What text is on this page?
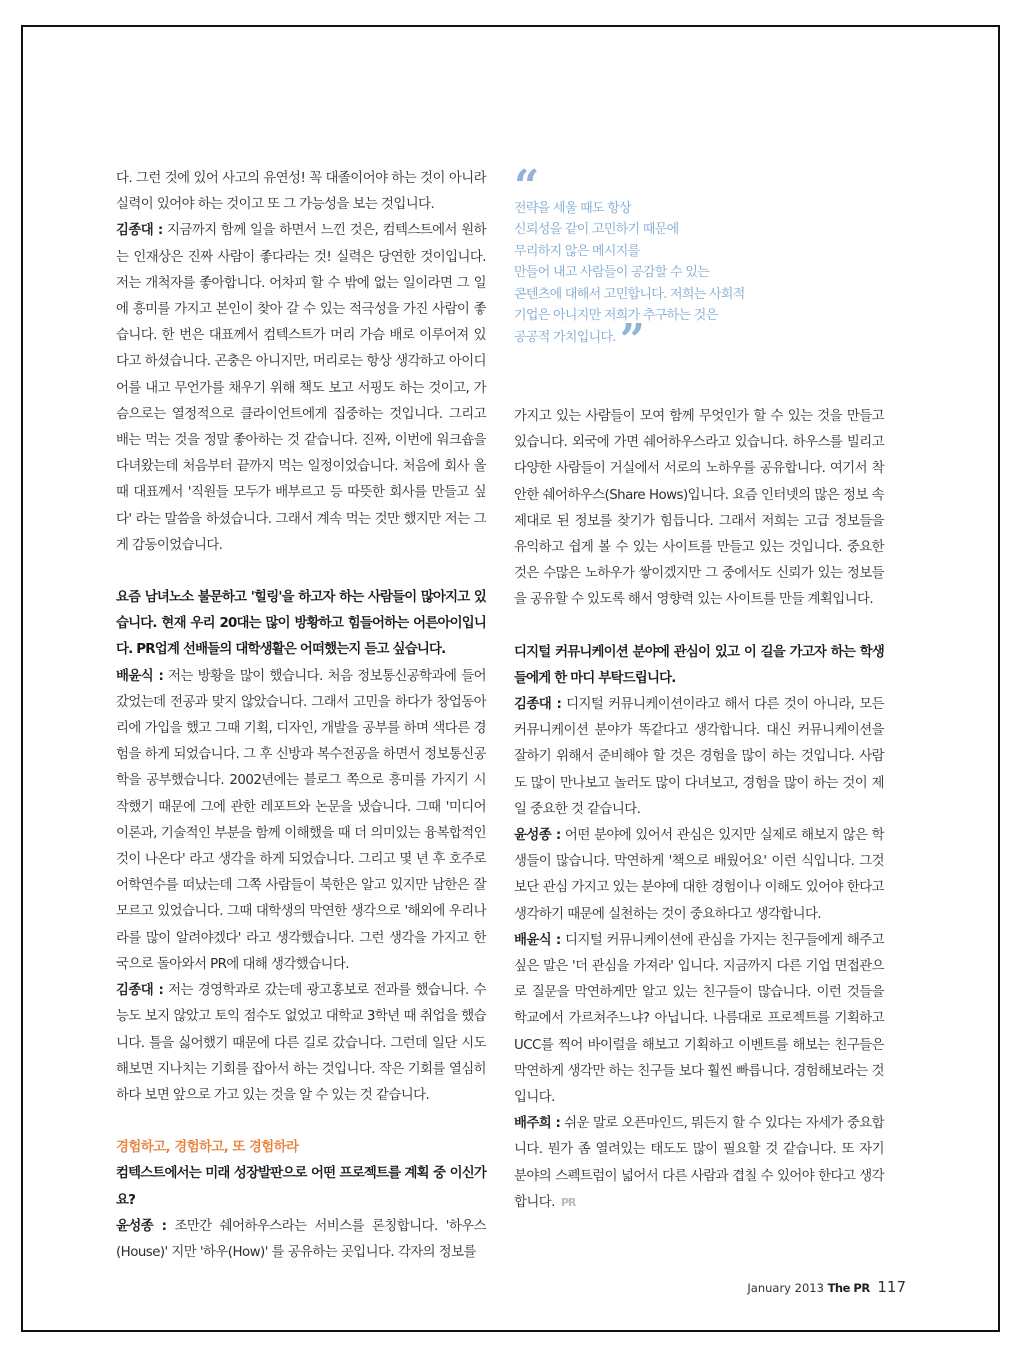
다. 그런 것에 있어 사고의 유연성! 꼭 대졸이어야 하는 것이 아니라 실력이 있어야 하는 것이고 또 그 가능성을 보는 것입니다.

김종대 : 지금까지 함께 일을 하면서 느낀 것은, 컴텍스트에서 원하는 인재상은 진짜 사람이 좋다라는 것! 실력은 당연한 것이입니다. 저는 개척자를 좋아합니다. 어차피 할 수 밖에 없는 일이라면 그 일에 흥미를 가지고 본인이 찾아 갈 수 있는 적극성을 가진 사람이 좋습니다. 한 번은 대표께서 컴텍스트가 머리 가슴 배로 이루어져 있다고 하셨습니다. 곤충은 아니지만, 머리로는 항상 생각하고 아이디어를 내고 무언가를 채우기 위해 책도 보고 서핑도 하는 것이고, 가슴으로는 열정적으로 클라이언트에게 집중하는 것입니다. 그리고 배는 먹는 것을 정말 좋아하는 것 같습니다. 진짜, 이번에 워크숍을 다녀왔는데 처음부터 끝까지 먹는 일정이었습니다. 처음에 회사 올 때 대표께서 '직원들 모두가 배부르고 등 따뜻한 회사를 만들고 싶다' 라는 말씀을 하셨습니다. 그래서 계속 먹는 것만 했지만 저는 그게 감동이었습니다.

요즘 남녀노소 불문하고 '힐링'을 하고자 하는 사람들이 많아지고 있습니다. 현재 우리 20대는 많이 방황하고 힘들어하는 어른아이입니다. PR업계 선배들의 대학생활은 어떠했는지 듣고 싶습니다.

배윤식 : 저는 방황을 많이 했습니다. 처음 정보통신공학과에 들어갔었는데 전공과 맞지 않았습니다. 그래서 고민을 하다가 창업동아리에 가입을 했고 그때 기획, 디자인, 개발을 공부를 하며 색다른 경험을 하게 되었습니다. 그 후 신방과 복수전공을 하면서 정보통신공학을 공부했습니다. 2002년에는 블로그 쪽으로 흥미를 가지기 시작했기 때문에 그에 관한 레포트와 논문을 냈습니다. 그때 '미디어 이론과, 기술적인 부분을 함께 이해했을 때 더 의미있는 융복합적인 것이 나온다' 라고 생각을 하게 되었습니다. 그리고 몇 년 후 호주로 어학연수를 떠났는데 그쪽 사람들이 북한은 알고 있지만 남한은 잘 모르고 있었습니다. 그때 대학생의 막연한 생각으로 '해외에 우리나라를 많이 알려야겠다' 라고 생각했습니다. 그런 생각을 가지고 한국으로 돌아와서 PR에 대해 생각했습니다.

김종대 : 저는 경영학과로 갔는데 광고홍보로 전과를 했습니다. 수능도 보지 않았고 토익 점수도 없었고 대학교 3학년 때 취업을 했습니다. 틀을 싫어했기 때문에 다른 길로 갔습니다. 그런데 일단 시도해보면 지나치는 기회를 잡아서 하는 것입니다. 작은 기회를 열심히 하다 보면 앞으로 가고 있는 것을 알 수 있는 것 같습니다.

경험하고, 경험하고, 또 경험하라

컴텍스트에서는 미래 성장발판으로 어떤 프로젝트를 계획 중 이신가요?

윤성종 : 조만간 쉐어하우스라는 서비스를 론칭합니다. '하우스(House)' 지만 '하우(How)' 를 공유하는 곳입니다. 각자의 정보를

“
전략을 세울 때도 항상
신뢰성을 같이 고민하기 때문에
무리하지 않은 메시지를
만들어 내고 사람들이 공감할 수 있는
콘텐츠에 대해서 고민합니다. 저희는 사회적
기업은 아니지만 저희가 추구하는 것은
공공적 가치입니다.”

가지고 있는 사람들이 모여 함께 무엇인가 할 수 있는 것을 만들고 있습니다. 외국에 가면 쉐어하우스라고 있습니다. 하우스를 빌리고 다양한 사람들이 거실에서 서로의 노하우를 공유합니다. 여기서 착안한 쉐어하우스(Share Hows)입니다. 요즘 인터넷의 많은 정보 속 제대로 된 정보를 찾기가 힘듭니다. 그래서 저희는 고급 정보들을 유익하고 쉽게 볼 수 있는 사이트를 만들고 있는 것입니다. 중요한 것은 수많은 노하우가 쌓이겠지만 그 중에서도 신뢰가 있는 정보들을 공유할 수 있도록 해서 영향력 있는 사이트를 만들 계획입니다.

디지털 커뮤니케이션 분야에 관심이 있고 이 길을 가고자 하는 학생들에게 한 마디 부탁드립니다.

김종대 : 디지털 커뮤니케이션이라고 해서 다른 것이 아니라, 모든 커뮤니케이션 분야가 똑같다고 생각합니다. 대신 커뮤니케이션을 잘하기 위해서 준비해야 할 것은 경험을 많이 하는 것입니다. 사람도 많이 만나보고 놀러도 많이 다녀보고, 경험을 많이 하는 것이 제일 중요한 것 같습니다.

윤성종 : 어떤 분야에 있어서 관심은 있지만 실제로 해보지 않은 학생들이 많습니다. 막연하게 '책으로 배웠어요' 이런 식입니다. 그것 보단 관심 가지고 있는 분야에 대한 경험이나 이해도 있어야 한다고 생각하기 때문에 실천하는 것이 중요하다고 생각합니다.

배윤식 : 디지털 커뮤니케이션에 관심을 가지는 친구들에게 해주고 싶은 말은 '더 관심을 가져라' 입니다. 지금까지 다른 기업 면접관으로 질문을 막연하게만 알고 있는 친구들이 많습니다. 이런 것들을 학교에서 가르쳐주느냐? 아닙니다. 나름대로 프로젝트를 기획하고 UCC를 찍어 바이럴을 해보고 기획하고 이벤트를 해보는 친구들은 막연하게 생각만 하는 친구들 보다 훨씬 빠릅니다. 경험해보라는 것입니다.

배주희 : 쉬운 말로 오픈마인드, 뭐든지 할 수 있다는 자세가 중요합니다. 뭔가 좀 열려있는 태도도 많이 필요할 것 같습니다. 또 자기 분야의 스펙트럼이 넓어서 다른 사람과 겹칠 수 있어야 한다고 생각합니다. PR

January 2013 The PR 117
